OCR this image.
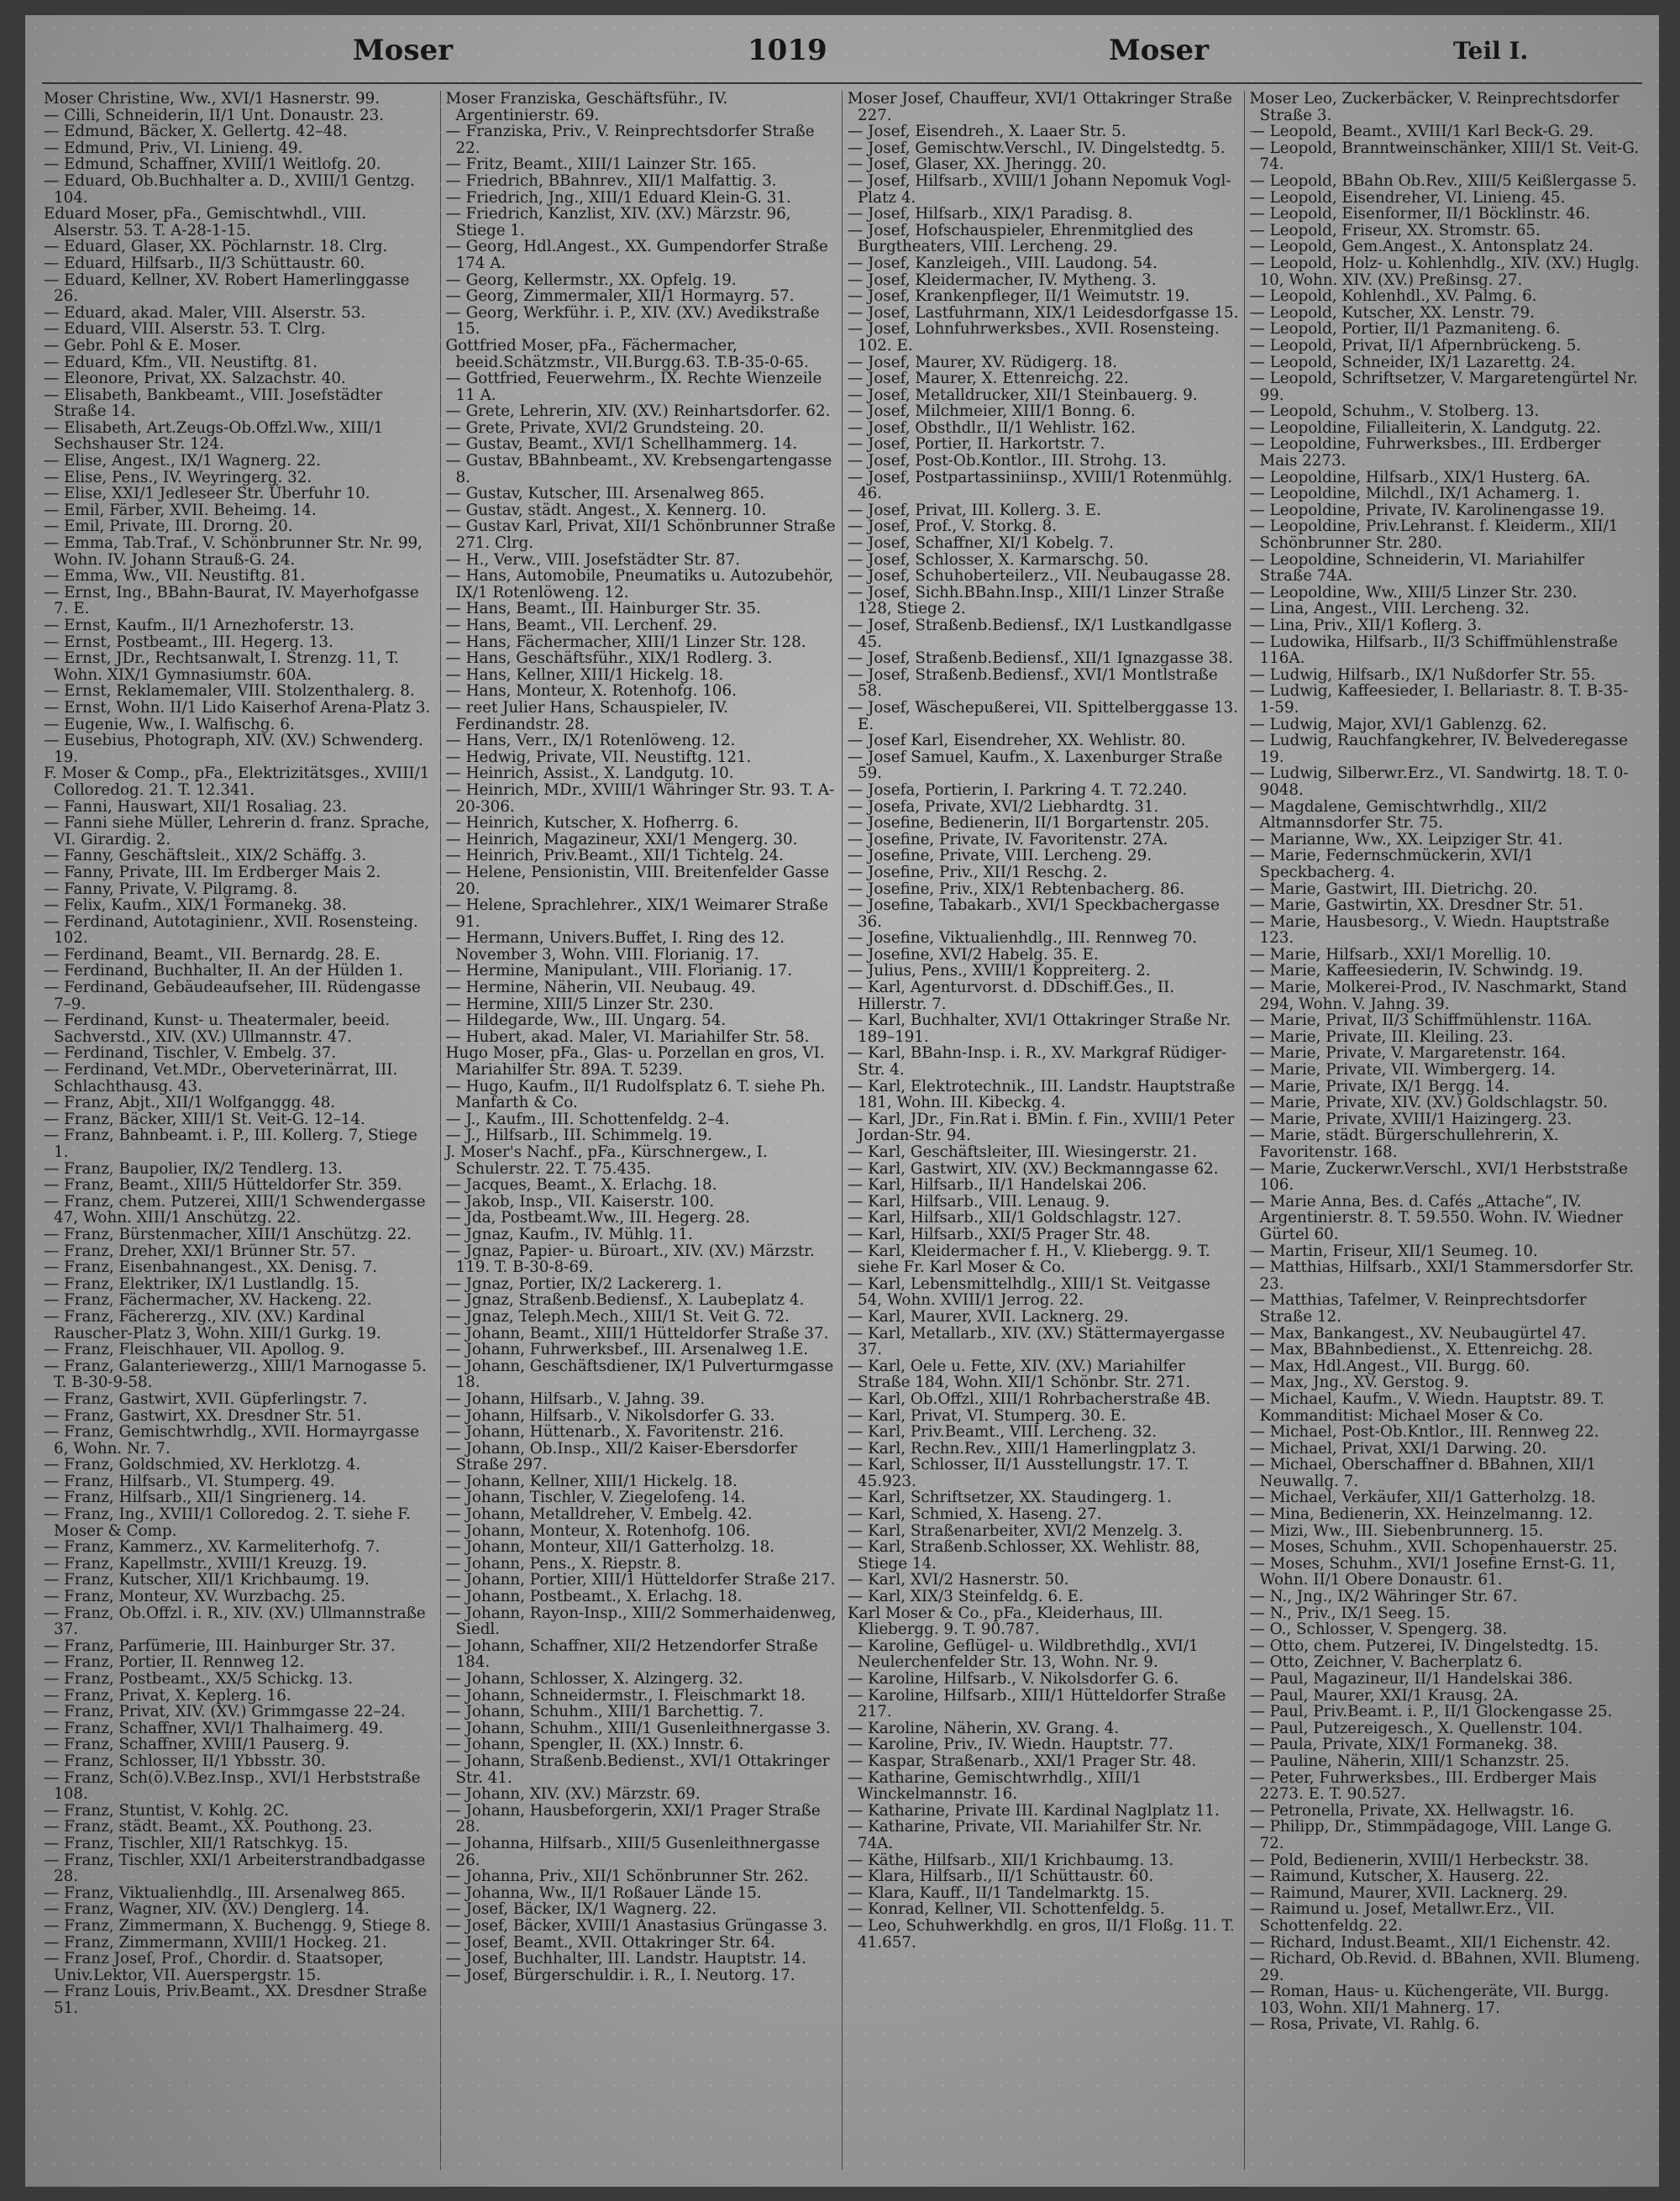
Moser	1019	Moser	Teil I.

Moser Christine, Ww., XVI/1 Hasnerstr. 99.

— Cilli, Schneiderin, II/1 Unt. Donaustr. 23.

— Edmund, Bäcker, X. Gellertg. 42–48.

— Edmund, Priv., VI. Linieng. 49.

— Edmund, Schaffner, XVIII/1 Weitlofg. 20.

— Eduard, Ob.Buchhalter a. D., XVIII/1 Gentzg. 104.

Eduard Moser, pFa., Gemischtwhdl., VIII. Alserstr. 53. T. A-28-1-15.

— Eduard, Glaser, XX. Pöchlarnstr. 18. Clrg.

— Eduard, Hilfsarb., II/3 Schüttaustr. 60.

— Eduard, Kellner, XV. Robert Hamerlinggasse 26.

— Eduard, akad. Maler, VIII. Alserstr. 53.

— Eduard, VIII. Alserstr. 53. T. Clrg.

— Gebr. Pohl & E. Moser.

— Eduard, Kfm., VII. Neustiftg. 81.

— Eleonore, Privat, XX. Salzachstr. 40.

— Elisabeth, Bankbeamt., VIII. Josefstädter Straße 14.

— Elisabeth, Art.Zeugs-Ob.Offzl.Ww., XIII/1 Sechshauser Str. 124.

— Elise, Angest., IX/1 Wagnerg. 22.

— Elise, Pens., IV. Weyringerg. 32.

— Elise, XXI/1 Jedleseer Str. Überfuhr 10.

— Emil, Färber, XVII. Beheimg. 14.

— Emil, Private, III. Drorng. 20.

— Emma, Tab.Traf., V. Schönbrunner Str. Nr. 99, Wohn. IV. Johann Strauß-G. 24.

— Emma, Ww., VII. Neustiftg. 81.

— Ernst, Ing., BBahn-Baurat, IV. Mayerhofgasse 7. E.

— Ernst, Kaufm., II/1 Arnezhoferstr. 13.

— Ernst, Postbeamt., III. Hegerg. 13.

— Ernst, JDr., Rechtsanwalt, I. Strenzg. 11, T. Wohn. XIX/1 Gymnasiumstr. 60A.

— Ernst, Reklamemaler, VIII. Stolzenthalerg. 8.

— Ernst, Wohn. II/1 Lido Kaiserhof Arena-Platz 3.

— Eugenie, Ww., I. Walfischg. 6.

— Eusebius, Photograph, XIV. (XV.) Schwenderg. 19.

F. Moser & Comp., pFa., Elektrizitätsges., XVIII/1 Colloredog. 21. T. 12.341.

— Fanni, Hauswart, XII/1 Rosaliag. 23.

— Fanni siehe Müller, Lehrerin d. franz. Sprache, VI. Girardig. 2.

— Fanny, Geschäftsleit., XIX/2 Schäffg. 3.

— Fanny, Private, III. Im Erdberger Mais 2.

— Fanny, Private, V. Pilgramg. 8.

— Felix, Kaufm., XIX/1 Formanekg. 38.

— Ferdinand, Autotaginienr., XVII. Rosensteing. 102.

— Ferdinand, Beamt., VII. Bernardg. 28. E.

— Ferdinand, Buchhalter, II. An der Hülden 1.

— Ferdinand, Gebäudeaufseher, III. Rüdengasse 7–9.

— Ferdinand, Kunst- u. Theatermaler, beeid. Sachverstd., XIV. (XV.) Ullmannstr. 47.

— Ferdinand, Tischler, V. Embelg. 37.

— Ferdinand, Vet.MDr., Oberveterinärrat, III. Schlachthausg. 43.

— Franz, Abjt., XII/1 Wolfganggg. 48.

— Franz, Bäcker, XIII/1 St. Veit-G. 12–14.

— Franz, Bahnbeamt. i. P., III. Kollerg. 7, Stiege 1.

— Franz, Baupolier, IX/2 Tendlerg. 13.

— Franz, Beamt., XIII/5 Hütteldorfer Str. 359.

— Franz, chem. Putzerei, XIII/1 Schwendergasse 47, Wohn. XIII/1 Anschützg. 22.

— Franz, Bürstenmacher, XIII/1 Anschützg. 22.

— Franz, Dreher, XXI/1 Brünner Str. 57.

— Franz, Eisenbahnangest., XX. Denisg. 7.

— Franz, Elektriker, IX/1 Lustlandlg. 15.

— Franz, Fächermacher, XV. Hackeng. 22.

— Franz, Fächererzg., XIV. (XV.) Kardinal Rauscher-Platz 3, Wohn. XIII/1 Gurkg. 19.

— Franz, Fleischhauer, VII. Apollog. 9.

— Franz, Galanteriewerzg., XIII/1 Marnogasse 5. T. B-30-9-58.

— Franz, Gastwirt, XVII. Güpferlingstr. 7.

— Franz, Gastwirt, XX. Dresdner Str. 51.

— Franz, Gemischtwrhdlg., XVII. Hormayrgasse 6, Wohn. Nr. 7.

— Franz, Goldschmied, XV. Herklotzg. 4.

— Franz, Hilfsarb., VI. Stumperg. 49.

— Franz, Hilfsarb., XII/1 Singrienerg. 14.

— Franz, Ing., XVIII/1 Colloredog. 2. T. siehe F. Moser & Comp.

— Franz, Kammerz., XV. Karmeliterhofg. 7.

— Franz, Kapellmstr., XVIII/1 Kreuzg. 19.

— Franz, Kutscher, XII/1 Krichbaumg. 19.

— Franz, Monteur, XV. Wurzbachg. 25.

— Franz, Ob.Offzl. i. R., XIV. (XV.) Ullmannstraße 37.

— Franz, Parfümerie, III. Hainburger Str. 37.

— Franz, Portier, II. Rennweg 12.

— Franz, Postbeamt., XX/5 Schickg. 13.

— Franz, Privat, X. Keplerg. 16.

— Franz, Privat, XIV. (XV.) Grimmgasse 22–24.

— Franz, Schaffner, XVI/1 Thalhaimerg. 49.

— Franz, Schaffner, XVIII/1 Pauserg. 9.

— Franz, Schlosser, II/1 Ybbsstr. 30.

— Franz, Sch(ö).V.Bez.Insp., XVI/1 Herbststraße 108.

— Franz, Stuntist, V. Kohlg. 2C.

— Franz, städt. Beamt., XX. Pouthong. 23.

— Franz, Tischler, XII/1 Ratschkyg. 15.

— Franz, Tischler, XXI/1 Arbeiterstrandbadgasse 28.

— Franz, Viktualienhdlg., III. Arsenalweg 865.

— Franz, Wagner, XIV. (XV.) Denglerg. 14.

— Franz, Zimmermann, X. Buchengg. 9, Stiege 8.

— Franz, Zimmermann, XVIII/1 Hockeg. 21.

— Franz Josef, Prof., Chordir. d. Staatsoper, Univ.Lektor, VII. Auerspergstr. 15.

— Franz Louis, Priv.Beamt., XX. Dresdner Straße 51.

Moser Franziska, Geschäftsführ., IV. Argentinierstr. 69.

— Franziska, Priv., V. Reinprechtsdorfer Straße 22.

— Fritz, Beamt., XIII/1 Lainzer Str. 165.

— Friedrich, BBahnrev., XII/1 Malfattig. 3.

— Friedrich, Jng., XIII/1 Eduard Klein-G. 31.

— Friedrich, Kanzlist, XIV. (XV.) Märzstr. 96, Stiege 1.

— Georg, Hdl.Angest., XX. Gumpendorfer Straße 174 A.

— Georg, Kellermstr., XX. Opfelg. 19.

— Georg, Zimmermaler, XII/1 Hormayrg. 57.

— Georg, Werkführ. i. P., XIV. (XV.) Avedikstraße 15.

Gottfried Moser, pFa., Fächermacher, beeid.Schätzmstr., VII.Burgg.63. T.B-35-0-65.

— Gottfried, Feuerwehrm., IX. Rechte Wienzeile 11 A.

— Grete, Lehrerin, XIV. (XV.) Reinhartsdorfer. 62.

— Grete, Private, XVI/2 Grundsteing. 20.

— Gustav, Beamt., XVI/1 Schellhammerg. 14.

— Gustav, BBahnbeamt., XV. Krebsengartengasse 8.

— Gustav, Kutscher, III. Arsenalweg 865.

— Gustav, städt. Angest., X. Kennerg. 10.

— Gustav Karl, Privat, XII/1 Schönbrunner Straße 271. Clrg.

— H., Verw., VIII. Josefstädter Str. 87.

— Hans, Automobile, Pneumatiks u. Autozubehör, IX/1 Rotenlöweng. 12.

— Hans, Beamt., III. Hainburger Str. 35.

— Hans, Beamt., VII. Lerchenf. 29.

— Hans, Fächermacher, XIII/1 Linzer Str. 128.

— Hans, Geschäftsführ., XIX/1 Rodlerg. 3.

— Hans, Kellner, XIII/1 Hickelg. 18.

— Hans, Monteur, X. Rotenhofg. 106.

— reet Julier Hans, Schauspieler, IV. Ferdinandstr. 28.

— Hans, Verr., IX/1 Rotenlöweng. 12.

— Hedwig, Private, VII. Neustiftg. 121.

— Heinrich, Assist., X. Landgutg. 10.

— Heinrich, MDr., XVIII/1 Währinger Str. 93. T. A-20-306.

— Heinrich, Kutscher, X. Hofherrg. 6.

— Heinrich, Magazineur, XXI/1 Mengerg. 30.

— Heinrich, Priv.Beamt., XII/1 Tichtelg. 24.

— Helene, Pensionistin, VIII. Breitenfelder Gasse 20.

— Helene, Sprachlehrer., XIX/1 Weimarer Straße 91.

— Hermann, Univers.Buffet, I. Ring des 12. November 3, Wohn. VIII. Florianig. 17.

— Hermine, Manipulant., VIII. Florianig. 17.

— Hermine, Näherin, VII. Neubaug. 49.

— Hermine, XIII/5 Linzer Str. 230.

— Hildegarde, Ww., III. Ungarg. 54.

— Hubert, akad. Maler, VI. Mariahilfer Str. 58.

Hugo Moser, pFa., Glas- u. Porzellan en gros, VI. Mariahilfer Str. 89A. T. 5239.

— Hugo, Kaufm., II/1 Rudolfsplatz 6. T. siehe Ph. Manfarth & Co.

— J., Kaufm., III. Schottenfeldg. 2–4.

— J., Hilfsarb., III. Schimmelg. 19.

J. Moser's Nachf., pFa., Kürschnergew., I. Schulerstr. 22. T. 75.435.

— Jacques, Beamt., X. Erlachg. 18.

— Jakob, Insp., VII. Kaiserstr. 100.

— Jda, Postbeamt.Ww., III. Hegerg. 28.

— Jgnaz, Kaufm., IV. Mühlg. 11.

— Jgnaz, Papier- u. Büroart., XIV. (XV.) Märzstr. 119. T. B-30-8-69.

— Jgnaz, Portier, IX/2 Lackererg. 1.

— Jgnaz, Straßenb.Bediensf., X. Laubeplatz 4.

— Jgnaz, Teleph.Mech., XIII/1 St. Veit G. 72.

— Johann, Beamt., XIII/1 Hütteldorfer Straße 37.

— Johann, Fuhrwerksbef., III. Arsenalweg 1.E.

— Johann, Geschäftsdiener, IX/1 Pulverturmgasse 18.

— Johann, Hilfsarb., V. Jahng. 39.

— Johann, Hilfsarb., V. Nikolsdorfer G. 33.

— Johann, Hüttenarb., X. Favoritenstr. 216.

— Johann, Ob.Insp., XII/2 Kaiser-Ebersdorfer Straße 297.

— Johann, Kellner, XIII/1 Hickelg. 18.

— Johann, Tischler, V. Ziegelofeng. 14.

— Johann, Metalldreher, V. Embelg. 42.

— Johann, Monteur, X. Rotenhofg. 106.

— Johann, Monteur, XII/1 Gatterholzg. 18.

— Johann, Pens., X. Riepstr. 8.

— Johann, Portier, XIII/1 Hütteldorfer Straße 217.

— Johann, Postbeamt., X. Erlachg. 18.

— Johann, Rayon-Insp., XIII/2 Sommerhaidenweg, Siedl.

— Johann, Schaffner, XII/2 Hetzendorfer Straße 184.

— Johann, Schlosser, X. Alzingerg. 32.

— Johann, Schneidermstr., I. Fleischmarkt 18.

— Johann, Schuhm., XIII/1 Barchettig. 7.

— Johann, Schuhm., XIII/1 Gusenleithnergasse 3.

— Johann, Spengler, II. (XX.) Innstr. 6.

— Johann, Straßenb.Bedienst., XVI/1 Ottakringer Str. 41.

— Johann, XIV. (XV.) Märzstr. 69.

— Johann, Hausbeforgerin, XXI/1 Prager Straße 28.

— Johanna, Hilfsarb., XIII/5 Gusenleithnergasse 26.

— Johanna, Priv., XII/1 Schönbrunner Str. 262.

— Johanna, Ww., II/1 Roßauer Lände 15.

— Josef, Bäcker, IX/1 Wagnerg. 22.

— Josef, Bäcker, XVIII/1 Anastasius Grüngasse 3.

— Josef, Beamt., XVII. Ottakringer Str. 64.

— Josef, Buchhalter, III. Landstr. Hauptstr. 14.

— Josef, Bürgerschuldir. i. R., I. Neutorg. 17.

Moser Josef, Chauffeur, XVI/1 Ottakringer Straße 227.

— Josef, Eisendreh., X. Laaer Str. 5.

— Josef, Gemischtw.Verschl., IV. Dingelstedtg. 5.

— Josef, Glaser, XX. Jheringg. 20.

— Josef, Hilfsarb., XVIII/1 Johann Nepomuk Vogl-Platz 4.

— Josef, Hilfsarb., XIX/1 Paradisg. 8.

— Josef, Hofschauspieler, Ehrenmitglied des Burgtheaters, VIII. Lercheng. 29.

— Josef, Kanzleigeh., VIII. Laudong. 54.

— Josef, Kleidermacher, IV. Mytheng. 3.

— Josef, Krankenpfleger, II/1 Weimutstr. 19.

— Josef, Lastfuhrmann, XIX/1 Leidesdorfgasse 15.

— Josef, Lohnfuhrwerksbes., XVII. Rosensteing. 102. E.

— Josef, Maurer, XV. Rüdigerg. 18.

— Josef, Maurer, X. Ettenreichg. 22.

— Josef, Metalldrucker, XII/1 Steinbauerg. 9.

— Josef, Milchmeier, XIII/1 Bonng. 6.

— Josef, Obsthdlr., II/1 Wehlistr. 162.

— Josef, Portier, II. Harkortstr. 7.

— Josef, Post-Ob.Kontlor., III. Strohg. 13.

— Josef, Postpartassiniinsp., XVIII/1 Rotenmühlg. 46.

— Josef, Privat, III. Kollerg. 3. E.

— Josef, Prof., V. Storkg. 8.

— Josef, Schaffner, XI/1 Kobelg. 7.

— Josef, Schlosser, X. Karmarschg. 50.

— Josef, Schuhoberteilerz., VII. Neubaugasse 28.

— Josef, Sichh.BBahn.Insp., XIII/1 Linzer Straße 128, Stiege 2.

— Josef, Straßenb.Bediensf., IX/1 Lustkandlgasse 45.

— Josef, Straßenb.Bediensf., XII/1 Ignazgasse 38.

— Josef, Straßenb.Bediensf., XVI/1 Montlstraße 58.

— Josef, Wäschepußerei, VII. Spittelberggasse 13. E.

— Josef Karl, Eisendreher, XX. Wehlistr. 80.

— Josef Samuel, Kaufm., X. Laxenburger Straße 59.

— Josefa, Portierin, I. Parkring 4. T. 72.240.

— Josefa, Private, XVI/2 Liebhardtg. 31.

— Josefine, Bedienerin, II/1 Borgartenstr. 205.

— Josefine, Private, IV. Favoritenstr. 27A.

— Josefine, Private, VIII. Lercheng. 29.

— Josefine, Priv., XII/1 Reschg. 2.

— Josefine, Priv., XIX/1 Rebtenbacherg. 86.

— Josefine, Tabakarb., XVI/1 Speckbachergasse 36.

— Josefine, Viktualienhdlg., III. Rennweg 70.

— Josefine, XVI/2 Habelg. 35. E.

— Julius, Pens., XVIII/1 Koppreiterg. 2.

— Karl, Agenturvorst. d. DDschiff.Ges., II. Hillerstr. 7.

— Karl, Buchhalter, XVI/1 Ottakringer Straße Nr. 189–191.

— Karl, BBahn-Insp. i. R., XV. Markgraf Rüdiger-Str. 4.

— Karl, Elektrotechnik., III. Landstr. Hauptstraße 181, Wohn. III. Kibeckg. 4.

— Karl, JDr., Fin.Rat i. BMin. f. Fin., XVIII/1 Peter Jordan-Str. 94.

— Karl, Geschäftsleiter, III. Wiesingerstr. 21.

— Karl, Gastwirt, XIV. (XV.) Beckmanngasse 62.

— Karl, Hilfsarb., II/1 Handelskai 206.

— Karl, Hilfsarb., VIII. Lenaug. 9.

— Karl, Hilfsarb., XII/1 Goldschlagstr. 127.

— Karl, Hilfsarb., XXI/5 Prager Str. 48.

— Karl, Kleidermacher f. H., V. Kliebergg. 9. T. siehe Fr. Karl Moser & Co.

— Karl, Lebensmittelhdlg., XIII/1 St. Veitgasse 54, Wohn. XVIII/1 Jerrog. 22.

— Karl, Maurer, XVII. Lacknerg. 29.

— Karl, Metallarb., XIV. (XV.) Stättermayergasse 37.

— Karl, Oele u. Fette, XIV. (XV.) Mariahilfer Straße 184, Wohn. XII/1 Schönbr. Str. 271.

— Karl, Ob.Offzl., XIII/1 Rohrbacherstraße 4B.

— Karl, Privat, VI. Stumperg. 30. E.

— Karl, Priv.Beamt., VIII. Lercheng. 32.

— Karl, Rechn.Rev., XIII/1 Hamerlingplatz 3.

— Karl, Schlosser, II/1 Ausstellungstr. 17. T. 45.923.

— Karl, Schriftsetzer, XX. Staudingerg. 1.

— Karl, Schmied, X. Haseng. 27.

— Karl, Straßenarbeiter, XVI/2 Menzelg. 3.

— Karl, Straßenb.Schlosser, XX. Wehlistr. 88, Stiege 14.

— Karl, XVI/2 Hasnerstr. 50.

— Karl, XIX/3 Steinfeldg. 6. E.

Karl Moser & Co., pFa., Kleiderhaus, III. Kliebergg. 9. T. 90.787.

— Karoline, Geflügel- u. Wildbrethdlg., XVI/1 Neulerchenfelder Str. 13, Wohn. Nr. 9.

— Karoline, Hilfsarb., V. Nikolsdorfer G. 6.

— Karoline, Hilfsarb., XIII/1 Hütteldorfer Straße 217.

— Karoline, Näherin, XV. Grang. 4.

— Karoline, Priv., IV. Wiedn. Hauptstr. 77.

— Kaspar, Straßenarb., XXI/1 Prager Str. 48.

— Katharine, Gemischtwrhdlg., XIII/1 Winckelmannstr. 16.

— Katharine, Private III. Kardinal Naglplatz 11.

— Katharine, Private, VII. Mariahilfer Str. Nr. 74A.

— Käthe, Hilfsarb., XII/1 Krichbaumg. 13.

— Klara, Hilfsarb., II/1 Schüttaustr. 60.

— Klara, Kauff., II/1 Tandelmarktg. 15.

— Konrad, Kellner, VII. Schottenfeldg. 5.

— Leo, Schuhwerkhdlg. en gros, II/1 Floßg. 11. T. 41.657.

Moser Leo, Zuckerbäcker, V. Reinprechtsdorfer Straße 3.

— Leopold, Beamt., XVIII/1 Karl Beck-G. 29.

— Leopold, Branntweinschänker, XIII/1 St. Veit-G. 74.

— Leopold, BBahn Ob.Rev., XIII/5 Keißlergasse 5.

— Leopold, Eisendreher, VI. Linieng. 45.

— Leopold, Eisenformer, II/1 Böcklinstr. 46.

— Leopold, Friseur, XX. Stromstr. 65.

— Leopold, Gem.Angest., X. Antonsplatz 24.

— Leopold, Holz- u. Kohlenhdlg., XIV. (XV.) Huglg. 10, Wohn. XIV. (XV.) Preßinsg. 27.

— Leopold, Kohlenhdl., XV. Palmg. 6.

— Leopold, Kutscher, XX. Lenstr. 79.

— Leopold, Portier, II/1 Pazmaniteng. 6.

— Leopold, Privat, II/1 Afpernbrückeng. 5.

— Leopold, Schneider, IX/1 Lazarettg. 24.

— Leopold, Schriftsetzer, V. Margaretengürtel Nr. 99.

— Leopold, Schuhm., V. Stolberg. 13.

— Leopoldine, Filialleiterin, X. Landgutg. 22.

— Leopoldine, Fuhrwerksbes., III. Erdberger Mais 2273.

— Leopoldine, Hilfsarb., XIX/1 Husterg. 6A.

— Leopoldine, Milchdl., IX/1 Achamerg. 1.

— Leopoldine, Private, IV. Karolinengasse 19.

— Leopoldine, Priv.Lehranst. f. Kleiderm., XII/1 Schönbrunner Str. 280.

— Leopoldine, Schneiderin, VI. Mariahilfer Straße 74A.

— Leopoldine, Ww., XIII/5 Linzer Str. 230.

— Lina, Angest., VIII. Lercheng. 32.

— Lina, Priv., XII/1 Koflerg. 3.

— Ludowika, Hilfsarb., II/3 Schiffmühlenstraße 116A.

— Ludwig, Hilfsarb., IX/1 Nußdorfer Str. 55.

— Ludwig, Kaffeesieder, I. Bellariastr. 8. T. B-35-1-59.

— Ludwig, Major, XVI/1 Gablenzg. 62.

— Ludwig, Rauchfangkehrer, IV. Belvederegasse 19.

— Ludwig, Silberwr.Erz., VI. Sandwirtg. 18. T. 0-9048.

— Magdalene, Gemischtwrhdlg., XII/2 Altmannsdorfer Str. 75.

— Marianne, Ww., XX. Leipziger Str. 41.

— Marie, Federnschmückerin, XVI/1 Speckbacherg. 4.

— Marie, Gastwirt, III. Dietrichg. 20.

— Marie, Gastwirtin, XX. Dresdner Str. 51.

— Marie, Hausbesorg., V. Wiedn. Hauptstraße 123.

— Marie, Hilfsarb., XXI/1 Morellig. 10.

— Marie, Kaffeesiederin, IV. Schwindg. 19.

— Marie, Molkerei-Prod., IV. Naschmarkt, Stand 294, Wohn. V. Jahng. 39.

— Marie, Privat, II/3 Schiffmühlenstr. 116A.

— Marie, Private, III. Kleiling. 23.

— Marie, Private, V. Margaretenstr. 164.

— Marie, Private, VII. Wimbergerg. 14.

— Marie, Private, IX/1 Bergg. 14.

— Marie, Private, XIV. (XV.) Goldschlagstr. 50.

— Marie, Private, XVIII/1 Haizingerg. 23.

— Marie, städt. Bürgerschullehrerin, X. Favoritenstr. 168.

— Marie, Zuckerwr.Verschl., XVI/1 Herbststraße 106.

— Marie Anna, Bes. d. Cafés „Attache“, IV. Argentinierstr. 8. T. 59.550. Wohn. IV. Wiedner Gürtel 60.

— Martin, Friseur, XII/1 Seumeg. 10.

— Matthias, Hilfsarb., XXI/1 Stammersdorfer Str. 23.

— Matthias, Tafelmer, V. Reinprechtsdorfer Straße 12.

— Max, Bankangest., XV. Neubaugürtel 47.

— Max, BBahnbedienst., X. Ettenreichg. 28.

— Max, Hdl.Angest., VII. Burgg. 60.

— Max, Jng., XV. Gerstog. 9.

— Michael, Kaufm., V. Wiedn. Hauptstr. 89. T. Kommanditist: Michael Moser & Co.

— Michael, Post-Ob.Kntlor., III. Rennweg 22.

— Michael, Privat, XXI/1 Darwing. 20.

— Michael, Oberschaffner d. BBahnen, XII/1 Neuwallg. 7.

— Michael, Verkäufer, XII/1 Gatterholzg. 18.

— Mina, Bedienerin, XX. Heinzelmanng. 12.

— Mizi, Ww., III. Siebenbrunnerg. 15.

— Moses, Schuhm., XVII. Schopenhauerstr. 25.

— Moses, Schuhm., XVI/1 Josefine Ernst-G. 11, Wohn. II/1 Obere Donaustr. 61.

— N., Jng., IX/2 Währinger Str. 67.

— N., Priv., IX/1 Seeg. 15.

— O., Schlosser, V. Spengerg. 38.

— Otto, chem. Putzerei, IV. Dingelstedtg. 15.

— Otto, Zeichner, V. Bacherplatz 6.

— Paul, Magazineur, II/1 Handelskai 386.

— Paul, Maurer, XXI/1 Krausg. 2A.

— Paul, Priv.Beamt. i. P., II/1 Glockengasse 25.

— Paul, Putzereigesch., X. Quellenstr. 104.

— Paula, Private, XIX/1 Formanekg. 38.

— Pauline, Näherin, XIII/1 Schanzstr. 25.

— Peter, Fuhrwerksbes., III. Erdberger Mais 2273. E. T. 90.527.

— Petronella, Private, XX. Hellwagstr. 16.

— Philipp, Dr., Stimmpädagoge, VIII. Lange G. 72.

— Pold, Bedienerin, XVIII/1 Herbeckstr. 38.

— Raimund, Kutscher, X. Hauserg. 22.

— Raimund, Maurer, XVII. Lacknerg. 29.

— Raimund u. Josef, Metallwr.Erz., VII. Schottenfeldg. 22.

— Richard, Indust.Beamt., XII/1 Eichenstr. 42.

— Richard, Ob.Revid. d. BBahnen, XVII. Blumeng. 29.

— Roman, Haus- u. Küchengeräte, VII. Burgg. 103, Wohn. XII/1 Mahnerg. 17.

— Rosa, Private, VI. Rahlg. 6.
